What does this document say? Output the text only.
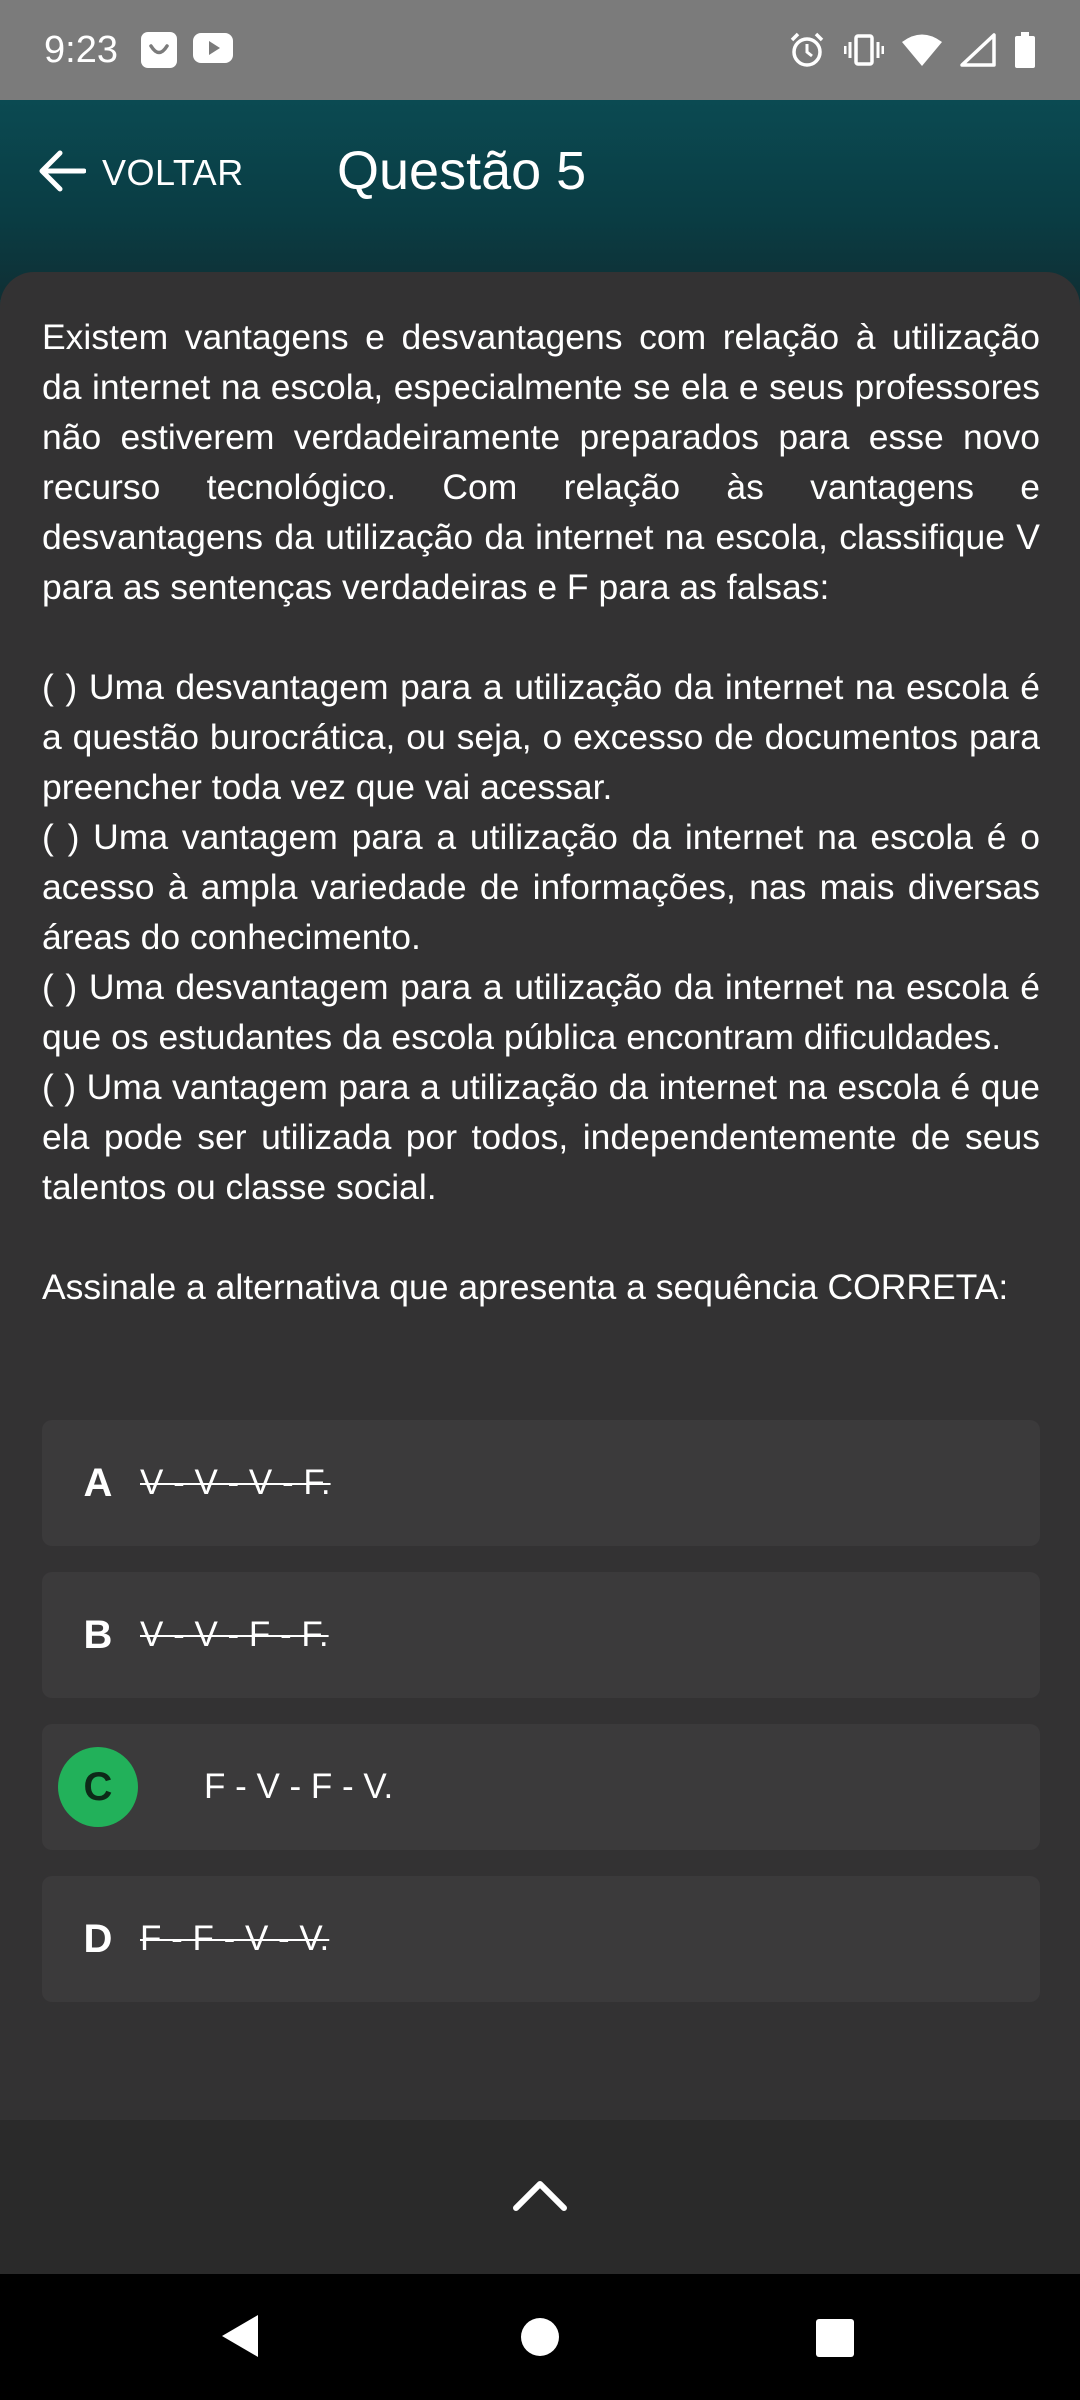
9:23
VOLTAR Questão 5

Existem vantagens e desvantagens com relação à utilização da internet na escola, especialmente se ela e seus professores não estiverem verdadeiramente preparados para esse novo recurso tecnológico. Com relação às vantagens e desvantagens da utilização da internet na escola, classifique V para as sentenças verdadeiras e F para as falsas:

( ) Uma desvantagem para a utilização da internet na escola é a questão burocrática, ou seja, o excesso de documentos para preencher toda vez que vai acessar.

( ) Uma vantagem para a utilização da internet na escola é o acesso à ampla variedade de informações, nas mais diversas áreas do conhecimento.

( ) Uma desvantagem para a utilização da internet na escola é que os estudantes da escola pública encontram dificuldades.

( ) Uma vantagem para a utilização da internet na escola é que ela pode ser utilizada por todos, independentemente de seus talentos ou classe social.

Assinale a alternativa que apresenta a sequência CORRETA:

A V - V - V - F.
B V - V - F - F.
C	F - V - F - V.
D F - F - V - V.
